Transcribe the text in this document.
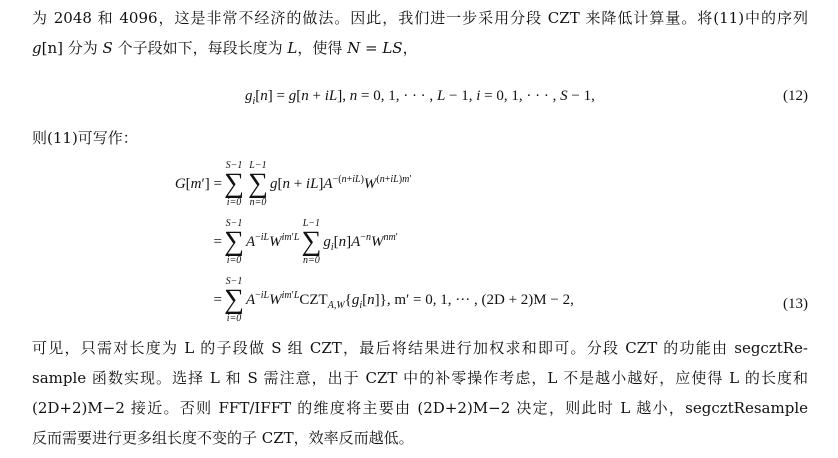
为 2048 和 4096，这是非常不经济的做法。因此，我们进一步采用分段 CZT 来降低计算量。将(11)中的序列
g[n] 分为 S 个子段如下，每段长度为 L，使得 N = LS，
$g_i[n] = g[n + iL]$, n = 0, 1, · · · , L − 1, i = 0, 1, · · · , S − 1,	(12)
则(11)可写作：
G[m′] =
S−1
∑
i=0
L−1
∑
n=0
$g[n + iL]A^{-(n+iL)}W^{(n+iL)m'}$
=
S−1
∑
i=0
$A^{-iL}W^{im'L}$
L−1
∑
n=0
$g_i[n]A^{-n}W^{nm'}$
=
S−1
∑
i=0
$A^{-iL}W^{im'L}CZT_{A,W}\{g_i[n]\}$, m′ = 0, 1, ··· , (2D + 2)M − 2,	(13)
可见，只需对长度为 L 的子段做 S 组 CZT，最后将结果进行加权求和即可。分段 CZT 的功能由 segcztRe-
sample 函数实现。选择 L 和 S 需注意，出于 CZT 中的补零操作考虑，L 不是越小越好，应使得 L 的长度和
(2D+2)M−2 接近。否则 FFT/IFFT 的维度将主要由 (2D+2)M−2 决定，则此时 L 越小，segcztResample
反而需要进行更多组长度不变的子 CZT，效率反而越低。
